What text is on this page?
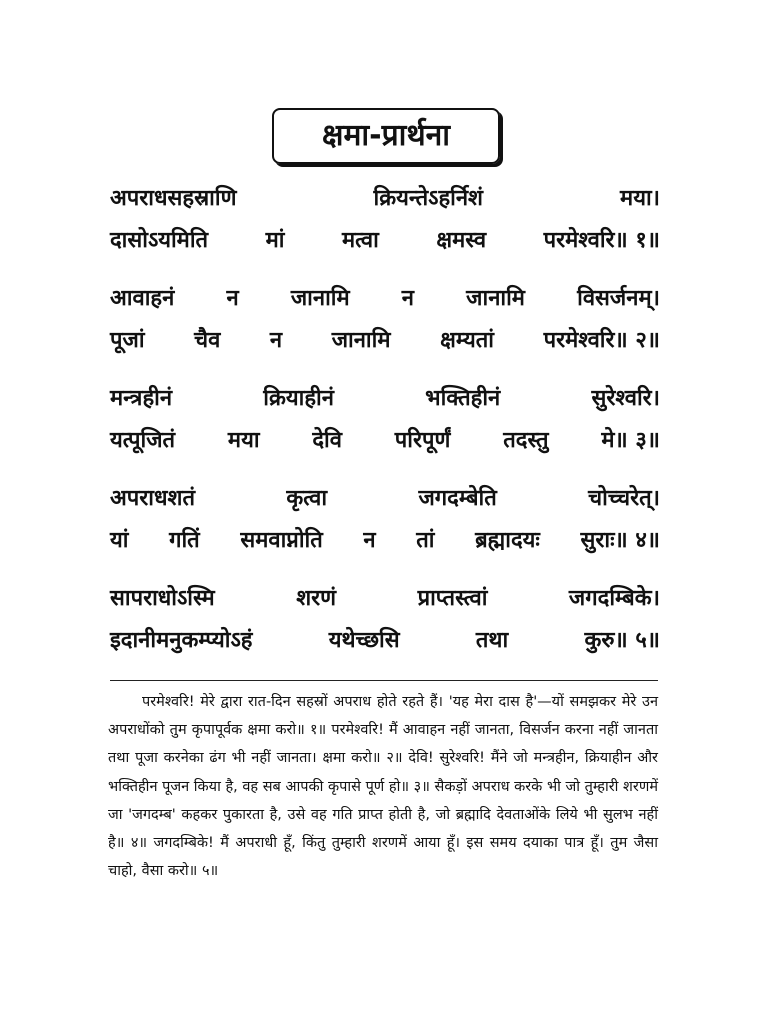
क्षमा-प्रार्थना
अपराधसहस्राणि	क्रियन्तेऽहर्निशं	मया।
दासोऽयमिति	मां	मत्वा	क्षमस्व	परमेश्वरि॥ १॥
आवाहनं न जानामि न जानामि विसर्जनम्।
पूजां चैव न जानामि क्षम्यतां परमेश्वरि॥ २॥
मन्त्रहीनं	क्रियाहीनं	भक्तिहीनं	सुरेश्वरि।
यत्पूजितं मया देवि परिपूर्णं तदस्तु मे॥ ३॥
अपराधशतं	कृत्वा	जगदम्बेति	चोच्चरेत्।
यां गतिं समवाप्नोति न तां ब्रह्मादयः सुराः॥ ४॥
सापराधोऽस्मि	शरणं	प्राप्तस्त्वां	जगदम्बिके।
इदानीमनुकम्प्योऽहं	यथेच्छसि	तथा	कुरु॥ ५॥

परमेश्वरि! मेरे द्वारा रात-दिन सहस्रों अपराध होते रहते हैं। 'यह मेरा दास है'—यों समझकर मेरे उन अपराधोंको तुम कृपापूर्वक क्षमा करो॥ १॥ परमेश्वरि! मैं आवाहन नहीं जानता, विसर्जन करना नहीं जानता तथा पूजा करनेका ढंग भी नहीं जानता। क्षमा करो॥ २॥ देवि! सुरेश्वरि! मैंने जो मन्त्रहीन, क्रियाहीन और भक्तिहीन पूजन किया है, वह सब आपकी कृपासे पूर्ण हो॥ ३॥ सैकड़ों अपराध करके भी जो तुम्हारी शरणमें जा 'जगदम्ब' कहकर पुकारता है, उसे वह गति प्राप्त होती है, जो ब्रह्मादि देवताओंके लिये भी सुलभ नहीं है॥ ४॥ जगदम्बिके! मैं अपराधी हूँ, किंतु तुम्हारी शरणमें आया हूँ। इस समय दयाका पात्र हूँ। तुम जैसा चाहो, वैसा करो॥ ५॥
